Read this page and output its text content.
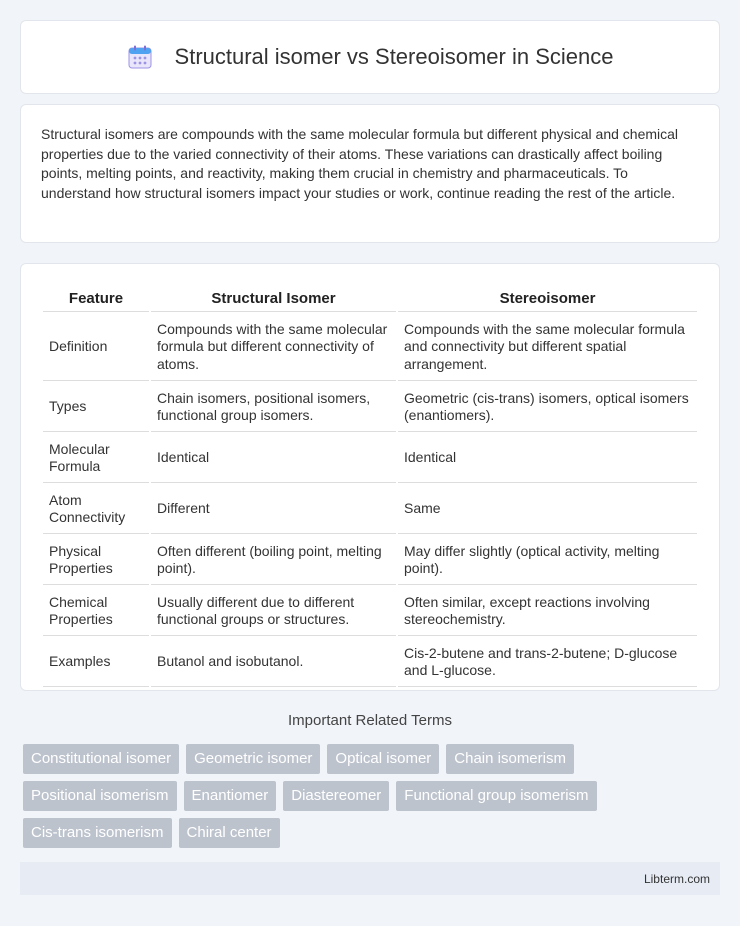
Structural isomer vs Stereoisomer in Science

Structural isomers are compounds with the same molecular formula but different physical and chemical properties due to the varied connectivity of their atoms. These variations can drastically affect boiling points, melting points, and reactivity, making them crucial in chemistry and pharmaceuticals. To understand how structural isomers impact your studies or work, continue reading the rest of the article.

Feature	Structural Isomer	Stereoisomer
Definition	Compounds with the same molecular formula but different connectivity of atoms.	Compounds with the same molecular formula and connectivity but different spatial arrangement.
Types	Chain isomers, positional isomers, functional group isomers.	Geometric (cis-trans) isomers, optical isomers (enantiomers).
Molecular Formula	Identical	Identical
Atom Connectivity	Different	Same
Physical Properties	Often different (boiling point, melting point).	May differ slightly (optical activity, melting point).
Chemical Properties	Usually different due to different functional groups or structures.	Often similar, except reactions involving stereochemistry.
Examples	Butanol and isobutanol.	Cis-2-butene and trans-2-butene; D-glucose and L-glucose.
Important Related Terms
Constitutional isomer	Geometric isomer	Optical isomer	Chain isomerism
Positional isomerism	Enantiomer	Diastereomer	Functional group isomerism
Cis-trans isomerism	Chiral center
Libterm.com
